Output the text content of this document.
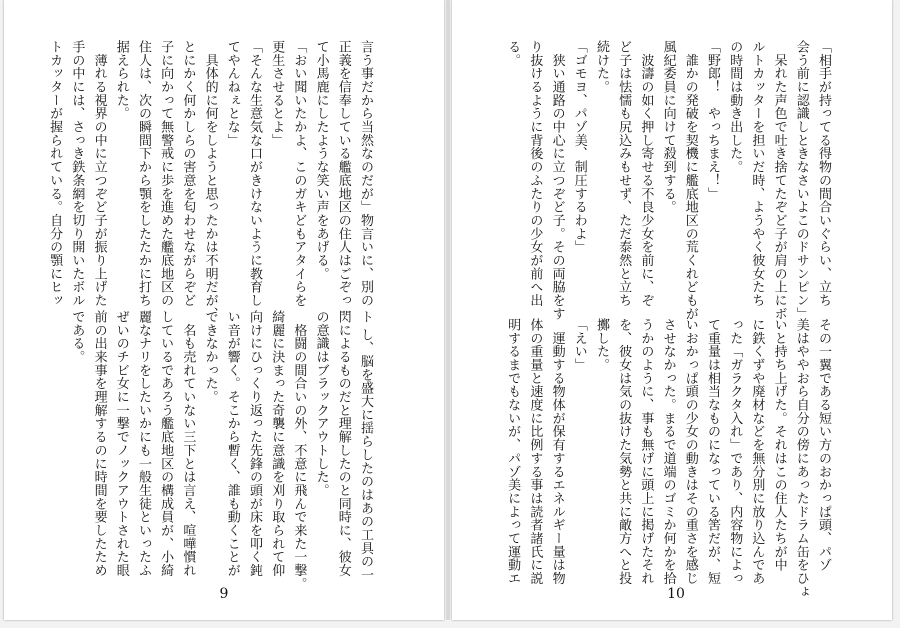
言う事だから当然なのだが」物言いに、別の

正義を信奉している艦底地区の住人はごぞっ

て小馬鹿にしたような笑い声をあげる。

「おい聞いたかよ、このガキどもアタイらを

更生させるとよ」

「そんな生意気な口がきけないように教育し

てやんねぇとな」

　具体的に何をしようと思ったかは不明だが、

とにかく何かしらの害意を匂わせながらぞど

子に向かって無警戒に歩を進めた艦底地区の

住人は、次の瞬間下から顎をしたたかに打ち

据えられた。

　薄れる視界の中に立つぞど子が振り上げた

手の中には、さっき鉄条網を切り開いたボル

トカッターが握られている。自分の顎にヒッ

ト し、脳を盛大に揺らしたのはあの工具の一

閃によるものだと理解したのと同時に、彼女

の意識はブラックアウトした。

　格闘の間合いの外、不意に飛んで来た一撃。

綺麗に決まった奇襲に意識を刈り取られて仰

向けにひっくり返った先鋒の頭が床を叩く鈍

い音が響く。そこから暫く、誰も動くことが

できなかった。

　名も売れていない三下とは言え、喧嘩慣れ

しているであろう艦底地区の構成員が、小綺

麗なナリをしたいかにも一般生徒といったふ

ぜいのチビ女に一撃でノックアウトされた眼

前の出来事を理解するのに時間を要したため

である。

9

「相手が持ってる得物の間合いぐらい、立ち

会う前に認識しときなさいよこのドサンピン」

　呆れた声色で吐き捨てたぞど子が肩の上にボ

ルトカッターを担いだ時、ようやく彼女たち

の時間は動き出した。

「野郎！　やっちまえ！」

　誰かの発破を契機に艦底地区の荒くれどもが

風紀委員に向けて殺到する。

　波濤の如く押し寄せる不良少女を前に、ぞ

ど子は怯懦も尻込みもせず、ただ泰然と立ち

続けた。

「ゴモヨ、パゾ美、制圧するわよ」

　狭い通路の中心に立つぞど子。その両脇をす

り抜けるように背後のふたりの少女が前へ出

る。

その一翼である短い方のおかっぱ頭、パゾ

美はややおら自分の傍にあったドラム缶をひょ

いと持ち上げた。それはこの住人たちが中

に鉄くずや廃材などを無分別に放り込んであ

った「ガラクタ入れ」であり、内容物によっ

て重量は相当なものになっている筈だが、短

いおかっぱ頭の少女の動きはその重さを感じ

させなかった。まるで道端のゴミか何かを拾

うかのように、事も無げに頭上に掲げたそれ

を、彼女は気の抜けた気勢と共に敵方へと投

擲した。

「えい」

　運動する物体が保有するエネルギー量は物

体の重量と速度に比例する事は読者諸氏に説

明するまでもないが、パゾ美によって運動エ

10
